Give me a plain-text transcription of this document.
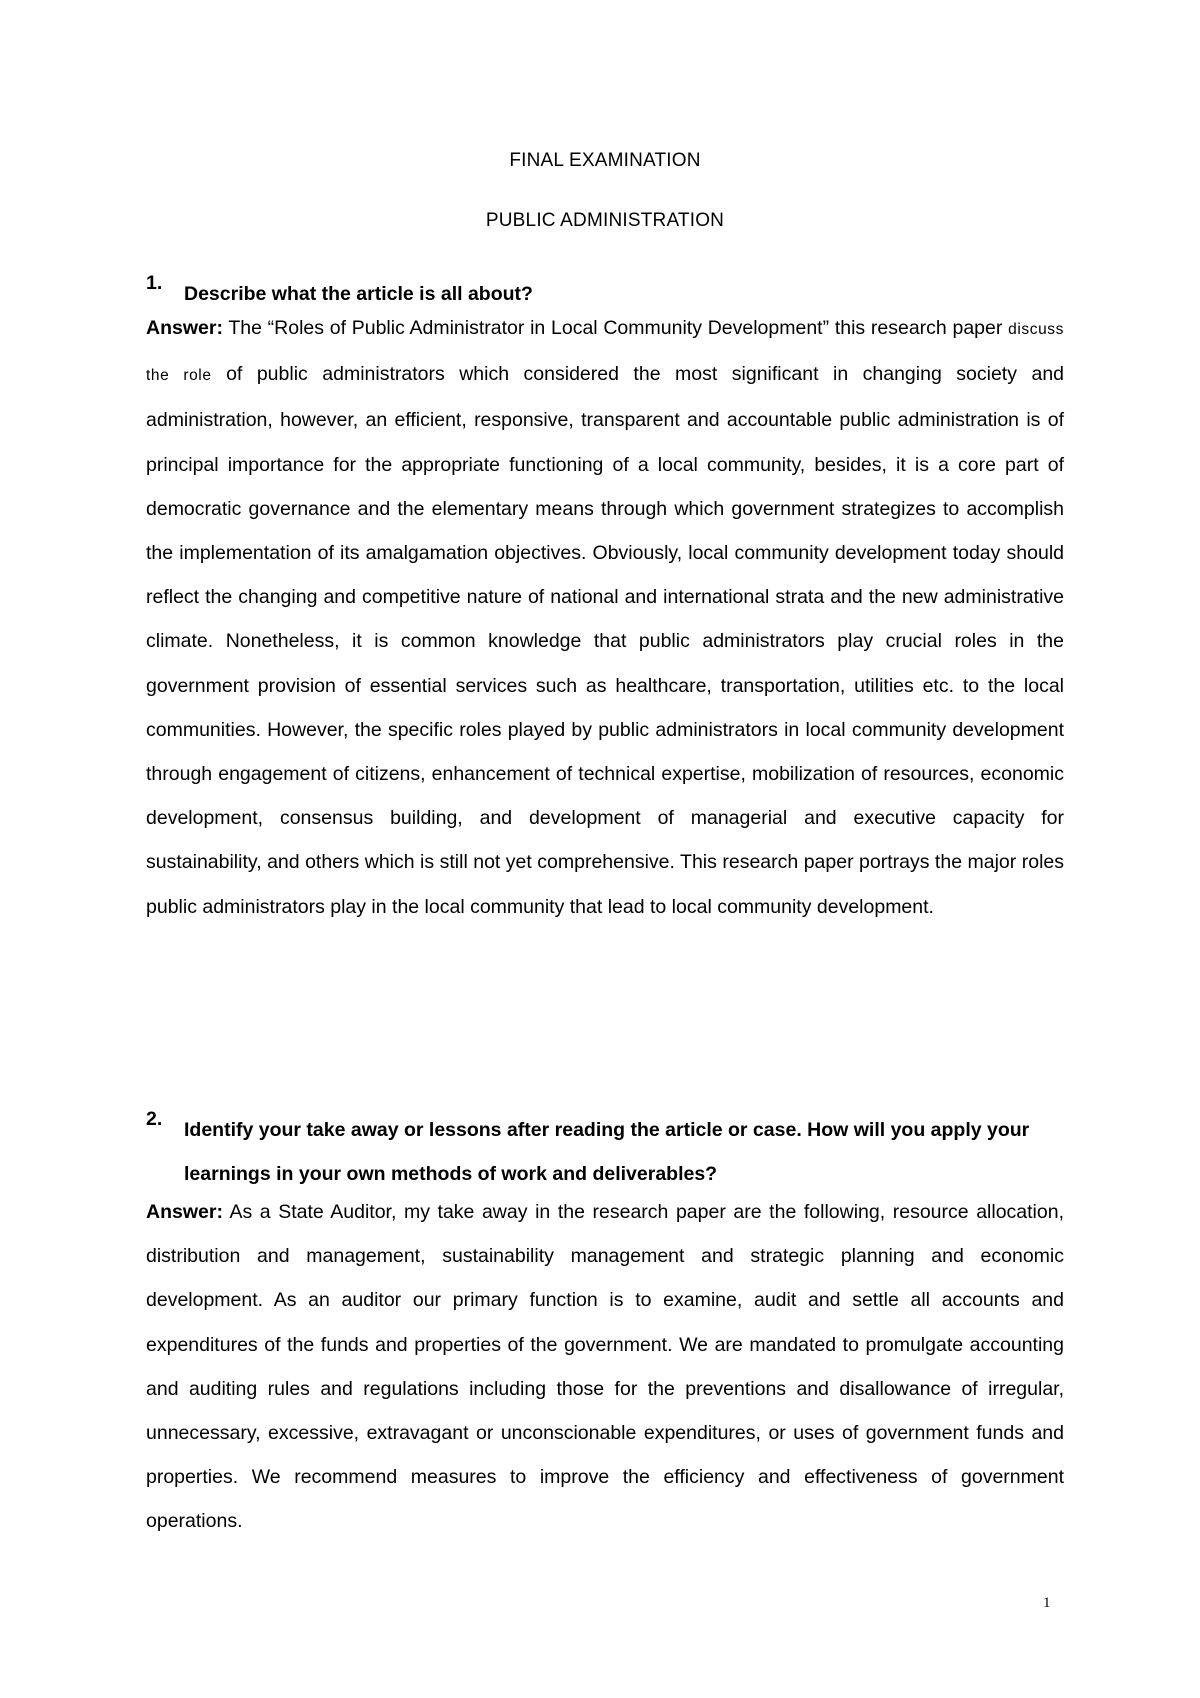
FINAL EXAMINATION
PUBLIC ADMINISTRATION
1.	Describe what the article is all about?
Answer: The “Roles of Public Administrator in Local Community Development” this research paper discuss the role of public administrators which considered the most significant in changing society and administration, however, an efficient, responsive, transparent and accountable public administration is of principal importance for the appropriate functioning of a local community, besides, it is a core part of democratic governance and the elementary means through which government strategizes to accomplish the implementation of its amalgamation objectives. Obviously, local community development today should reflect the changing and competitive nature of national and international strata and the new administrative climate. Nonetheless, it is common knowledge that public administrators play crucial roles in the government provision of essential services such as healthcare, transportation, utilities etc. to the local communities. However, the specific roles played by public administrators in local community development through engagement of citizens, enhancement of technical expertise, mobilization of resources, economic development, consensus building, and development of managerial and executive capacity for sustainability, and others which is still not yet comprehensive. This research paper portrays the major roles public administrators play in the local community that lead to local community development.
2.	Identify your take away or lessons after reading the article or case. How will you apply your learnings in your own methods of work and deliverables?
Answer: As a State Auditor, my take away in the research paper are the following, resource allocation, distribution and management, sustainability management and strategic planning and economic development. As an auditor our primary function is to examine, audit and settle all accounts and expenditures of the funds and properties of the government. We are mandated to promulgate accounting and auditing rules and regulations including those for the preventions and disallowance of irregular, unnecessary, excessive, extravagant or unconscionable expenditures, or uses of government funds and properties. We recommend measures to improve the efficiency and effectiveness of government operations.
1
